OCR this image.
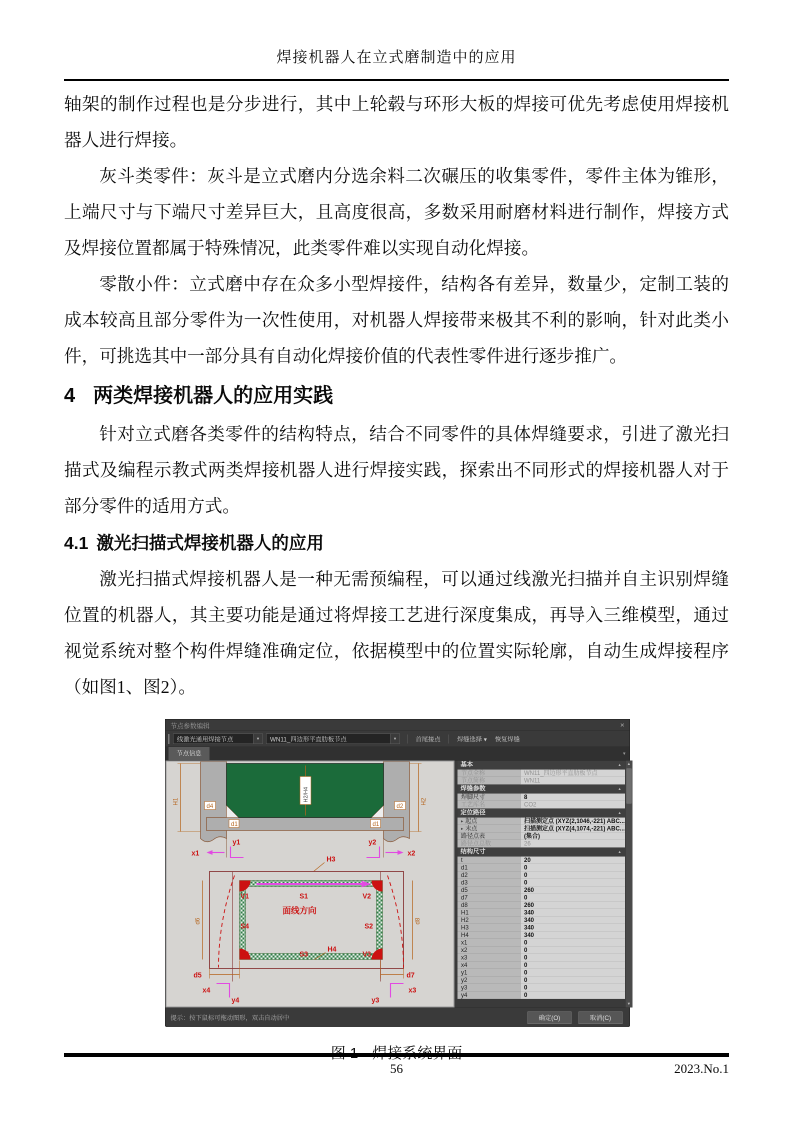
焊接机器人在立式磨制造中的应用

轴架的制作过程也是分步进行，其中上轮毂与环形大板的焊接可优先考虑使用焊接机器人进行焊接。

灰斗类零件：灰斗是立式磨内分选余料二次碾压的收集零件，零件主体为锥形，上端尺寸与下端尺寸差异巨大，且高度很高，多数采用耐磨材料进行制作，焊接方式及焊接位置都属于特殊情况，此类零件难以实现自动化焊接。

零散小件：立式磨中存在众多小型焊接件，结构各有差异，数量少，定制工装的成本较高且部分零件为一次性使用，对机器人焊接带来极其不利的影响，针对此类小件，可挑选其中一部分具有自动化焊接价值的代表性零件进行逐步推广。

4 两类焊接机器人的应用实践

针对立式磨各类零件的结构特点，结合不同零件的具体焊缝要求，引进了激光扫描式及编程示教式两类焊接机器人进行焊接实践，探索出不同形式的焊接机器人对于部分零件的适用方式。

4.1 激光扫描式焊接机器人的应用

激光扫描式焊接机器人是一种无需预编程，可以通过线激光扫描并自主识别焊缝位置的机器人，其主要功能是通过将焊接工艺进行深度集成，再导入三维模型，通过视觉系统对整个构件焊缝准确定位，依据模型中的位置实际轮廓，自动生成焊接程序（如图1、图2）。

节点参数编辑	×
线激光通用焊接节点	▾ WN11_四边形平直肋板节点	▾	首尾接点	焊缝选择 ▾ 恢复焊缝
节点信息	▾
H1	H2
H2/H4
d4	d2
d1	d1
y1
x1
y2
x2
H3
d6	d8
d5	d7
V1	S1	V2
面线方向
S4	S2
V4	S3
H4
V3
x4
y4
x3
y3
基本	▴
节点全称	WN11_四边形平直肋板节点
节点简称	WN11
焊缝参数	▴
焊脚尺寸	8
工艺库名	CO2
定位路径	▴
▸ 起点	扫描测定点 (XYZ(2,1046,-221) ABC...
▸ 末点	扫描测定点 (XYZ(4,1074,-221) ABC...
路径点表	(集合)
路径点总数	26
结构尺寸	▴
t	20
d1	0
d2	0
d3	0
d5	260
d7	0
d8	260
H1	340
H2	340
H3	340
H4	340
x1	0
x2	0
x3	0
x4	0
y1	0
y2	0
y3	0
y4	0
▲
▼
提示：按下鼠标可拖动图形，双击自动居中	确定(O)	取消(C)
图 1 焊接系统界面
56	2023.No.1
